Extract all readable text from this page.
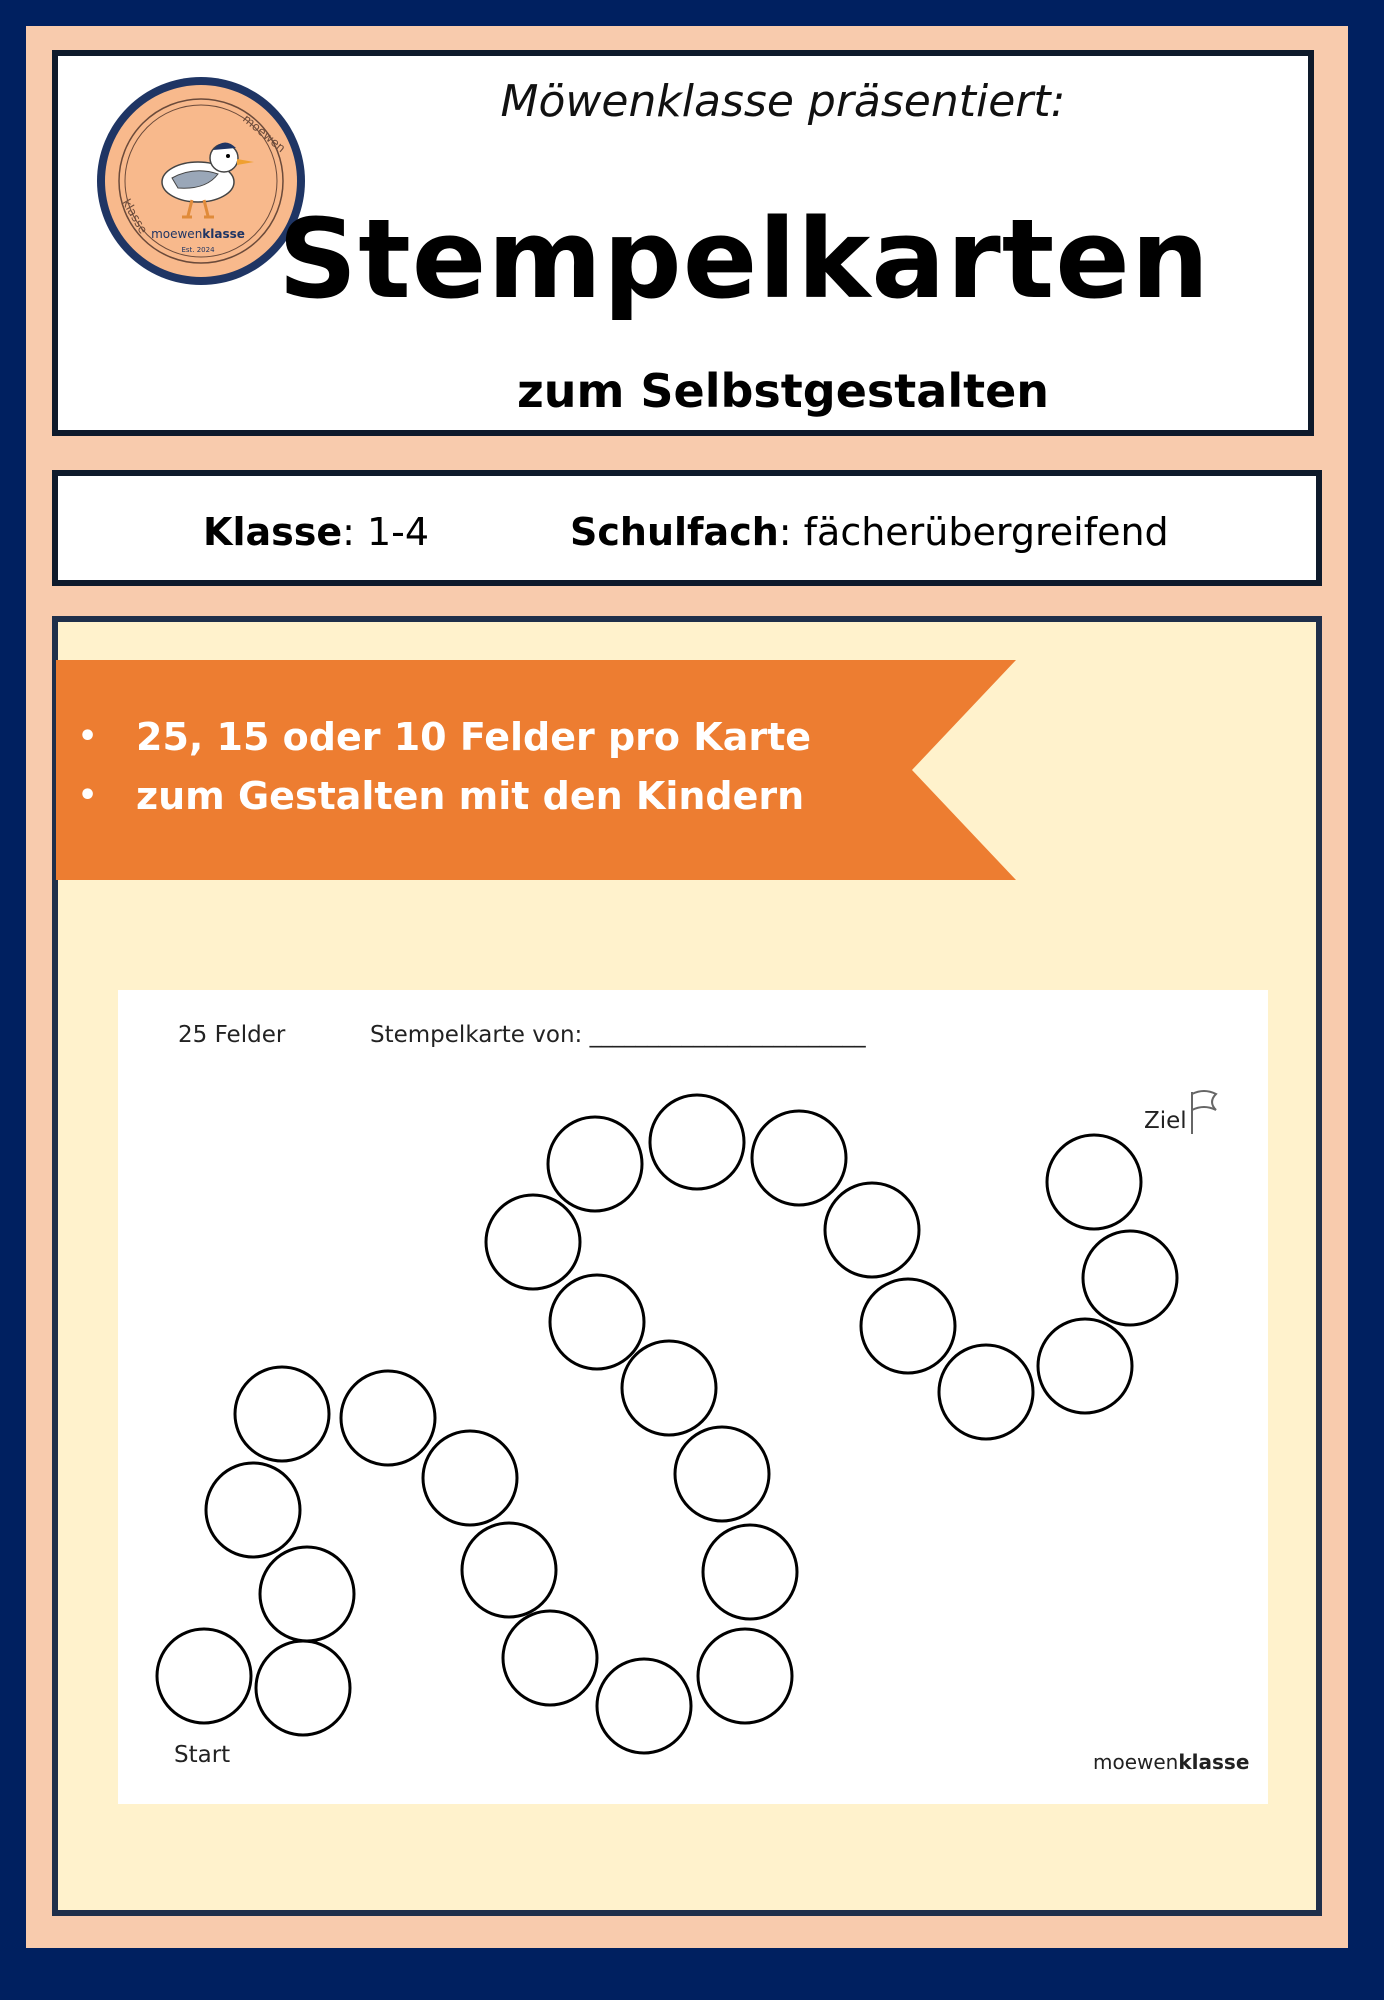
moewenklasse
Est. 2024
moewen
klasse
Möwenklasse präsentiert:
Stempelkarten
zum Selbstgestalten
Klasse: 1-4	Schulfach: fächerübergreifend
• 25, 15 oder 10 Felder pro Karte
• zum Gestalten mit den Kindern
25 Felder	Stempelkarte von: ________________________
Ziel
Start	moewenklasse
